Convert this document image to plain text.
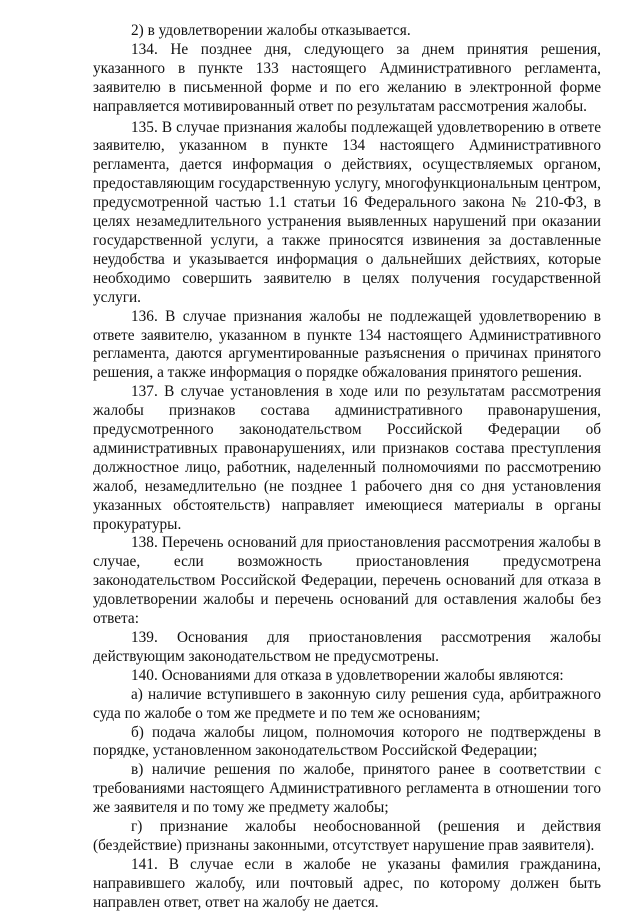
2) в удовлетворении жалобы отказывается.

134. Не позднее дня, следующего за днем принятия решения, указанного в пункте 133 настоящего Административного регламента, заявителю в письменной форме и по его желанию в электронной форме направляется мотивированный ответ по результатам рассмотрения жалобы.

135. В случае признания жалобы подлежащей удовлетворению в ответе заявителю, указанном в пункте 134 настоящего Административного регламента, дается информация о действиях, осуществляемых органом, предоставляющим государственную услугу, многофункциональным центром, предусмотренной частью 1.1 статьи 16 Федерального закона № 210-ФЗ, в целях незамедлительного устранения выявленных нарушений при оказании государственной услуги, а также приносятся извинения за доставленные неудобства и указывается информация о дальнейших действиях, которые необходимо совершить заявителю в целях получения государственной услуги.

136. В случае признания жалобы не подлежащей удовлетворению в ответе заявителю, указанном в пункте 134 настоящего Административного регламента, даются аргументированные разъяснения о причинах принятого решения, а также информация о порядке обжалования принятого решения.

137. В случае установления в ходе или по результатам рассмотрения жалобы признаков состава административного правонарушения, предусмотренного законодательством Российской Федерации об административных правонарушениях, или признаков состава преступления должностное лицо, работник, наделенный полномочиями по рассмотрению жалоб, незамедлительно (не позднее 1 рабочего дня со дня установления указанных обстоятельств) направляет имеющиеся материалы в органы прокуратуры.

138. Перечень оснований для приостановления рассмотрения жалобы в случае, если возможность приостановления предусмотрена законодательством Российской Федерации, перечень оснований для отказа в удовлетворении жалобы и перечень оснований для оставления жалобы без ответа:

139. Основания для приостановления рассмотрения жалобы действующим законодательством не предусмотрены.

140. Основаниями для отказа в удовлетворении жалобы являются:

а) наличие вступившего в законную силу решения суда, арбитражного суда по жалобе о том же предмете и по тем же основаниям;

б) подача жалобы лицом, полномочия которого не подтверждены в порядке, установленном законодательством Российской Федерации;

в) наличие решения по жалобе, принятого ранее в соответствии с требованиями настоящего Административного регламента в отношении того же заявителя и по тому же предмету жалобы;

г) признание жалобы необоснованной (решения и действия (бездействие) признаны законными, отсутствует нарушение прав заявителя).

141. В случае если в жалобе не указаны фамилия гражданина, направившего жалобу, или почтовый адрес, по которому должен быть направлен ответ, ответ на жалобу не дается.
